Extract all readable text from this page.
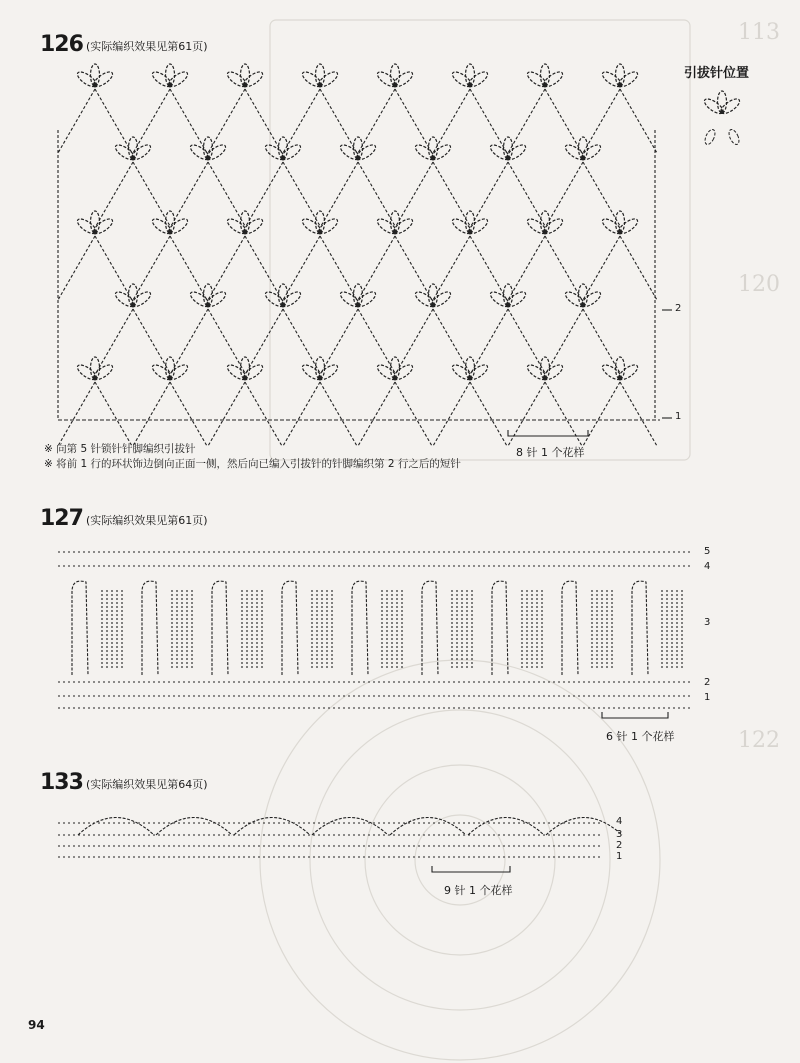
113
120
122
126 (实际编织效果见第61页)
引拔针位置
※ 向第 5 针锁针针脚编织引拔针
※ 将前 1 行的环状饰边倒向正面一侧，然后向已编入引拔针的针脚编织第 2 行之后的短针
8 针 1 个花样
1
2
127 (实际编织效果见第61页)
5
4
3
2
1
6 针 1 个花样
133 (实际编织效果见第64页)
4
3
2
1
9 针 1 个花样
94
